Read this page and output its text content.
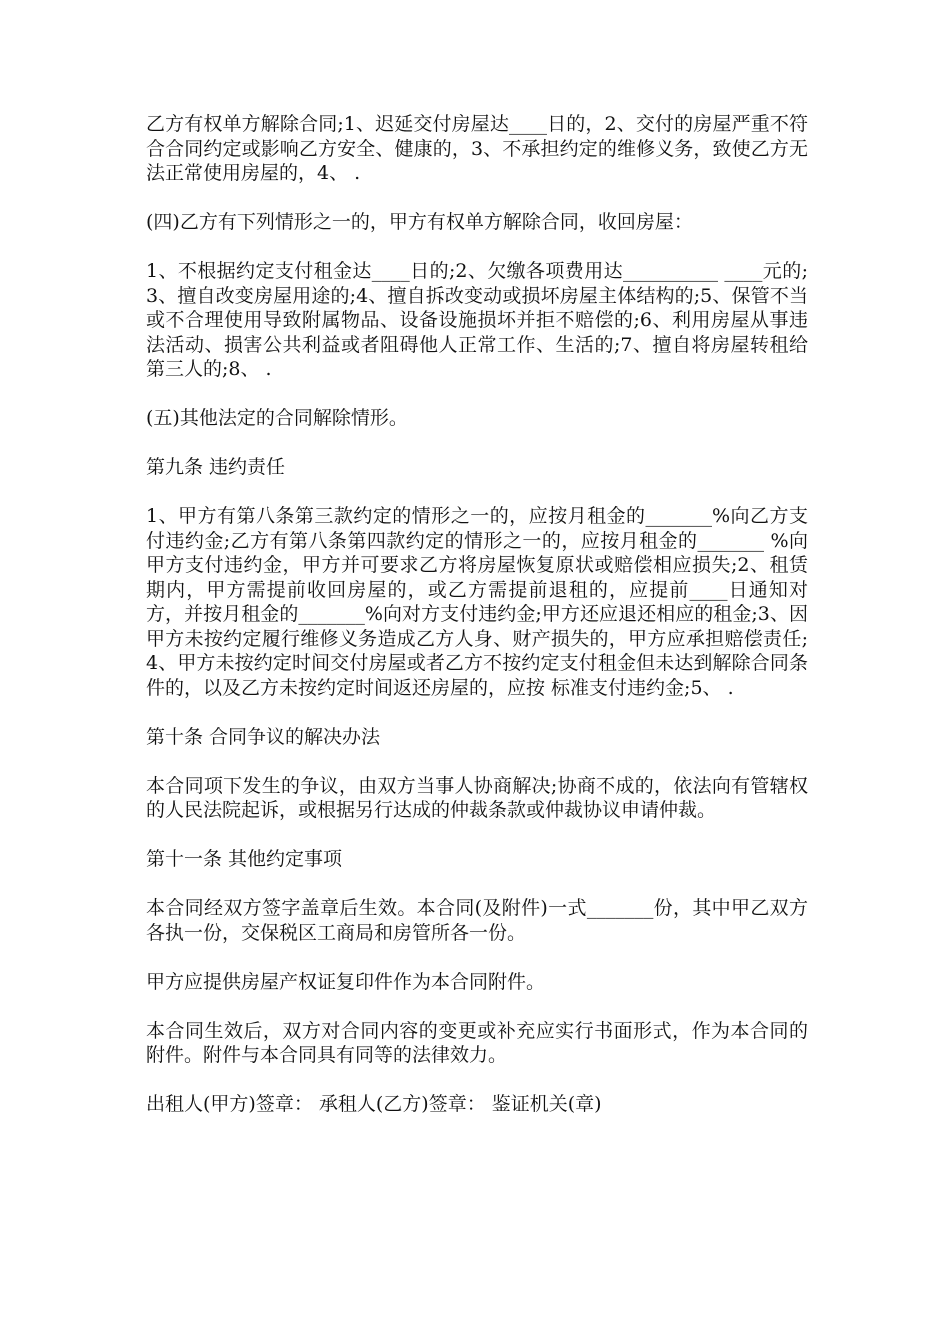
乙方有权单方解除合同;1、迟延交付房屋达____日的，2、交付的房屋严重不符合合同约定或影响乙方安全、健康的，3、不承担约定的维修义务，致使乙方无法正常使用房屋的，4、 .

(四)乙方有下列情形之一的，甲方有权单方解除合同，收回房屋：

1、不根据约定支付租金达____日的;2、欠缴各项费用达__________ ____元的;3、擅自改变房屋用途的;4、擅自拆改变动或损坏房屋主体结构的;5、保管不当或不合理使用导致附属物品、设备设施损坏并拒不赔偿的;6、利用房屋从事违法活动、损害公共利益或者阻碍他人正常工作、生活的;7、擅自将房屋转租给第三人的;8、 .

(五)其他法定的合同解除情形。

第九条 违约责任

1、甲方有第八条第三款约定的情形之一的，应按月租金的_______%向乙方支付违约金;乙方有第八条第四款约定的情形之一的，应按月租金的_______ %向甲方支付违约金，甲方并可要求乙方将房屋恢复原状或赔偿相应损失;2、租赁期内，甲方需提前收回房屋的，或乙方需提前退租的，应提前____日通知对方，并按月租金的_______%向对方支付违约金;甲方还应退还相应的租金;3、因甲方未按约定履行维修义务造成乙方人身、财产损失的，甲方应承担赔偿责任;4、甲方未按约定时间交付房屋或者乙方不按约定支付租金但未达到解除合同条件的，以及乙方未按约定时间返还房屋的，应按 标准支付违约金;5、 .

第十条 合同争议的解决办法

本合同项下发生的争议，由双方当事人协商解决;协商不成的，依法向有管辖权的人民法院起诉，或根据另行达成的仲裁条款或仲裁协议申请仲裁。

第十一条 其他约定事项

本合同经双方签字盖章后生效。本合同(及附件)一式_______份，其中甲乙双方各执一份，交保税区工商局和房管所各一份。

甲方应提供房屋产权证复印件作为本合同附件。

本合同生效后，双方对合同内容的变更或补充应实行书面形式，作为本合同的附件。附件与本合同具有同等的法律效力。

出租人(甲方)签章： 承租人(乙方)签章： 鉴证机关(章)
